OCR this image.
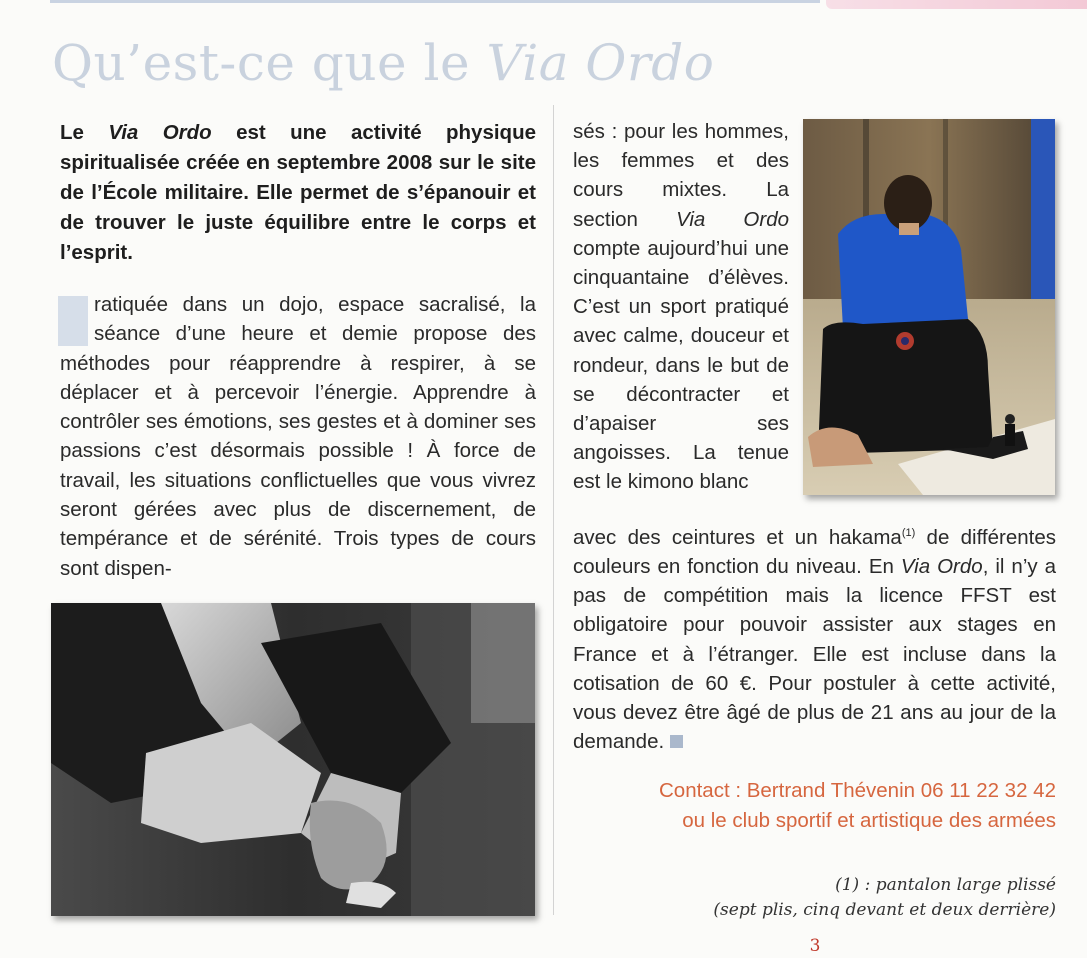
Qu’est-ce que le Via Ordo

Le Via Ordo est une activité physique spiritualisée créée en septembre 2008 sur le site de l’École militaire. Elle permet de s’épanouir et de trouver le juste équilibre entre le corps et l’esprit.

ratiquée dans un dojo, espace sacralisé, la séance d’une heure et demie propose des méthodes pour réapprendre à respirer, à se déplacer et à percevoir l’énergie. Apprendre à contrôler ses émotions, ses gestes et à dominer ses passions c’est désormais possible ! À force de travail, les situations conflictuelles que vous vivrez seront gérées avec plus de discernement, de tempérance et de sérénité. Trois types de cours sont dispen-

sés : pour les hommes, les femmes et des cours mixtes. La section Via Ordo compte aujourd’hui une cinquantaine d’élèves. C’est un sport pratiqué avec calme, douceur et rondeur, dans le but de se décontracter et d’apaiser ses angoisses. La tenue est le kimono blanc

avec des ceintures et un hakama$^{(1)}$ de différentes couleurs en fonction du niveau. En Via Ordo, il n’y a pas de compétition mais la licence FFST est obligatoire pour pouvoir assister aux stages en France et à l’étranger. Elle est incluse dans la cotisation de 60 €. Pour postuler à cette activité, vous devez être âgé de plus de 21 ans au jour de la demande.

Contact : Bertrand Thévenin 06 11 22 32 42
ou le club sportif et artistique des armées

(1) : pantalon large plissé
(sept plis, cinq devant et deux derrière)

3
